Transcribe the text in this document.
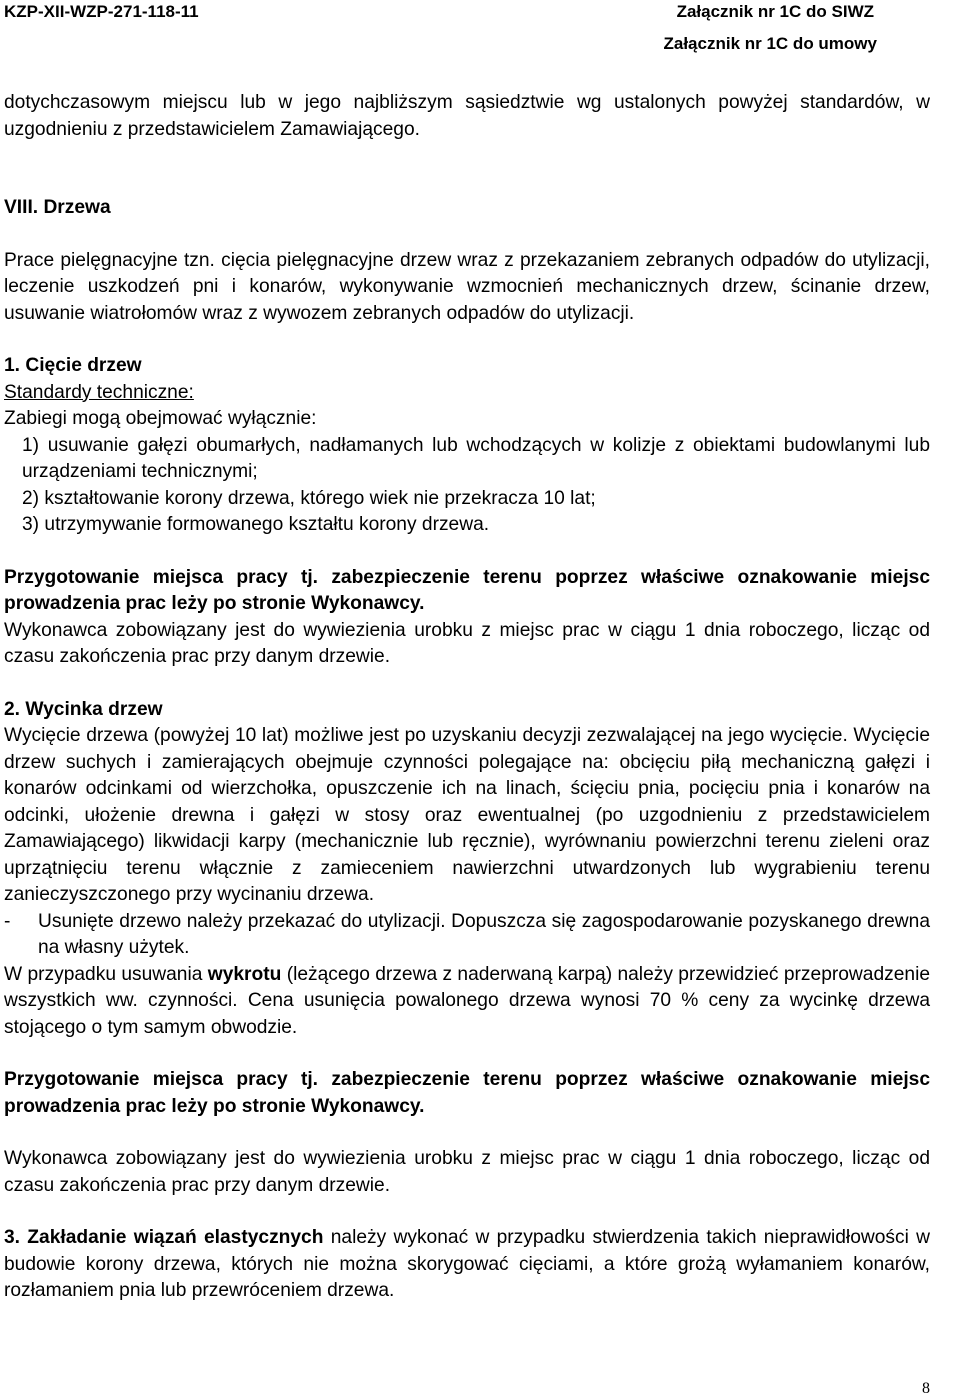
KZP-XII-WZP-271-118-11	Załącznik nr 1C do SIWZ
Załącznik nr 1C do umowy

dotychczasowym miejscu lub w jego najbliższym sąsiedztwie wg ustalonych powyżej standardów, w uzgodnieniu z przedstawicielem Zamawiającego.

VIII. Drzewa

Prace pielęgnacyjne tzn. cięcia pielęgnacyjne drzew wraz z przekazaniem zebranych odpadów do utylizacji, leczenie uszkodzeń pni i konarów, wykonywanie wzmocnień mechanicznych drzew, ścinanie drzew, usuwanie wiatrołomów wraz z wywozem zebranych odpadów do utylizacji.

1. Cięcie drzew

Standardy techniczne:

Zabiegi mogą obejmować wyłącznie:

1) usuwanie gałęzi obumarłych, nadłamanych lub wchodzących w kolizje z obiektami budowlanymi lub urządzeniami technicznymi;

2) kształtowanie korony drzewa, którego wiek nie przekracza 10 lat;

3) utrzymywanie formowanego kształtu korony drzewa.

Przygotowanie miejsca pracy tj. zabezpieczenie terenu poprzez właściwe oznakowanie miejsc prowadzenia prac leży po stronie Wykonawcy.

Wykonawca zobowiązany jest do wywiezienia urobku z miejsc prac w ciągu 1 dnia roboczego, licząc od czasu zakończenia prac przy danym drzewie.

2. Wycinka drzew

Wycięcie drzewa (powyżej 10 lat) możliwe jest po uzyskaniu decyzji zezwalającej na jego wycięcie. Wycięcie drzew suchych i zamierających obejmuje czynności polegające na: obcięciu piłą mechaniczną gałęzi i konarów odcinkami od wierzchołka, opuszczenie ich na linach, ścięciu pnia, pocięciu pnia i konarów na odcinki, ułożenie drewna i gałęzi w stosy oraz ewentualnej (po uzgodnieniu z przedstawicielem Zamawiającego) likwidacji karpy (mechanicznie lub ręcznie), wyrównaniu powierzchni terenu zieleni oraz uprzątnięciu terenu włącznie z zamieceniem nawierzchni utwardzonych lub wygrabieniu terenu zanieczyszczonego przy wycinaniu drzewa.

-	Usunięte drzewo należy przekazać do utylizacji. Dopuszcza się zagospodarowanie pozyskanego drewna na własny użytek.

W przypadku usuwania wykrotu (leżącego drzewa z naderwaną karpą) należy przewidzieć przeprowadzenie wszystkich ww. czynności. Cena usunięcia powalonego drzewa wynosi 70 % ceny za wycinkę drzewa stojącego o tym samym obwodzie.

Przygotowanie miejsca pracy tj. zabezpieczenie terenu poprzez właściwe oznakowanie miejsc prowadzenia prac leży po stronie Wykonawcy.

Wykonawca zobowiązany jest do wywiezienia urobku z miejsc prac w ciągu 1 dnia roboczego, licząc od czasu zakończenia prac przy danym drzewie.

3. Zakładanie wiązań elastycznych należy wykonać w przypadku stwierdzenia takich nieprawidłowości w budowie korony drzewa, których nie można skorygować cięciami, a które grożą wyłamaniem konarów, rozłamaniem pnia lub przewróceniem drzewa.

8
